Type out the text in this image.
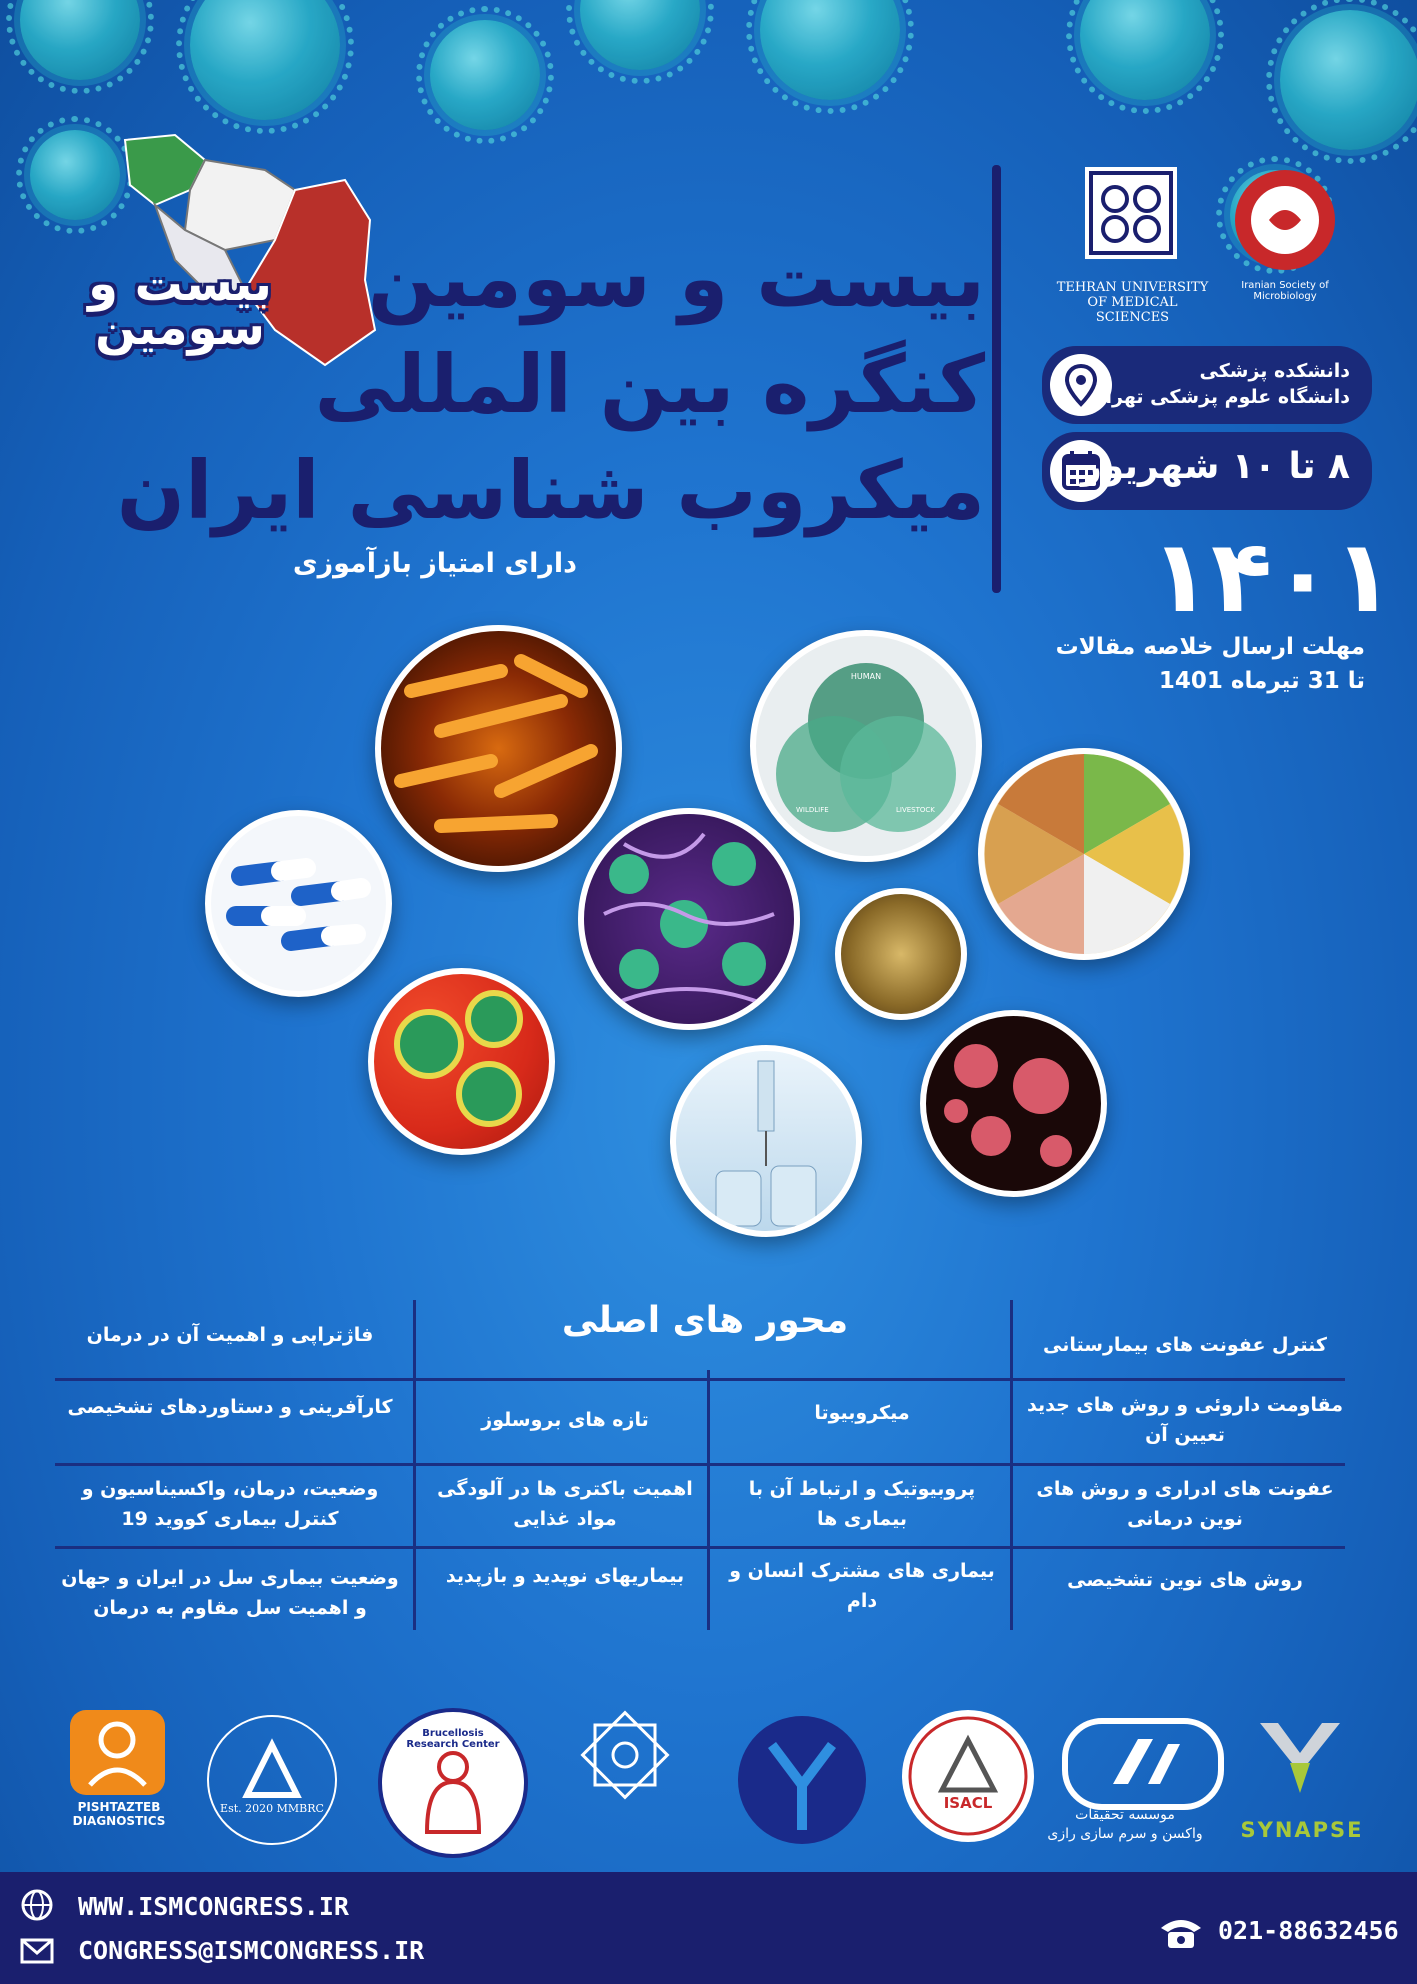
بیست و
سومین
بیست و سومین
کنگره بین المللی
میکروب شناسی ایران
دارای امتیاز بازآموزی
TEHRAN UNIVERSITY OF MEDICAL SCIENCES
Iranian Society of Microbiology
دانشکده پزشکی
دانشگاه علوم پزشکی تهران
۸ تا ۱۰ شهریور
۱۴۰۱
مهلت ارسال خلاصه مقالات
تا 31 تیرماه 1401
HUMAN
WILDLIFE	LIVESTOCK
محور های اصلی
کنترل عفونت های بیمارستانی
مقاومت داروئی و روش های جدید تعیین آن
عفونت های ادراری و روش های نوین درمانی
روش های نوین تشخیصی
میکروبیوتا
پروبیوتیک و ارتباط آن با بیماری ها
بیماری های مشترک انسان و دام
تازه های بروسلوز
اهمیت باکتری ها در آلودگی مواد غذایی
بیماریهای نوپدید و بازپدید
فاژتراپی و اهمیت آن در درمان
کارآفرینی و دستاوردهای تشخیصی
وضعیت، درمان، واکسیناسیون و کنترل بیماری کووید 19
وضعیت بیماری سل در ایران و جهان و اهمیت سل مقاوم به درمان
SYNAPSE
موسسه تحقیقات
واکسن و سرم سازی رازی
ISACL
Brucellosis Research Center
Est. 2020 MMBRC
PISHTAZTEB DIAGNOSTICS
WWW.ISMCONGRESS.IR
CONGRESS@ISMCONGRESS.IR
021-88632456
